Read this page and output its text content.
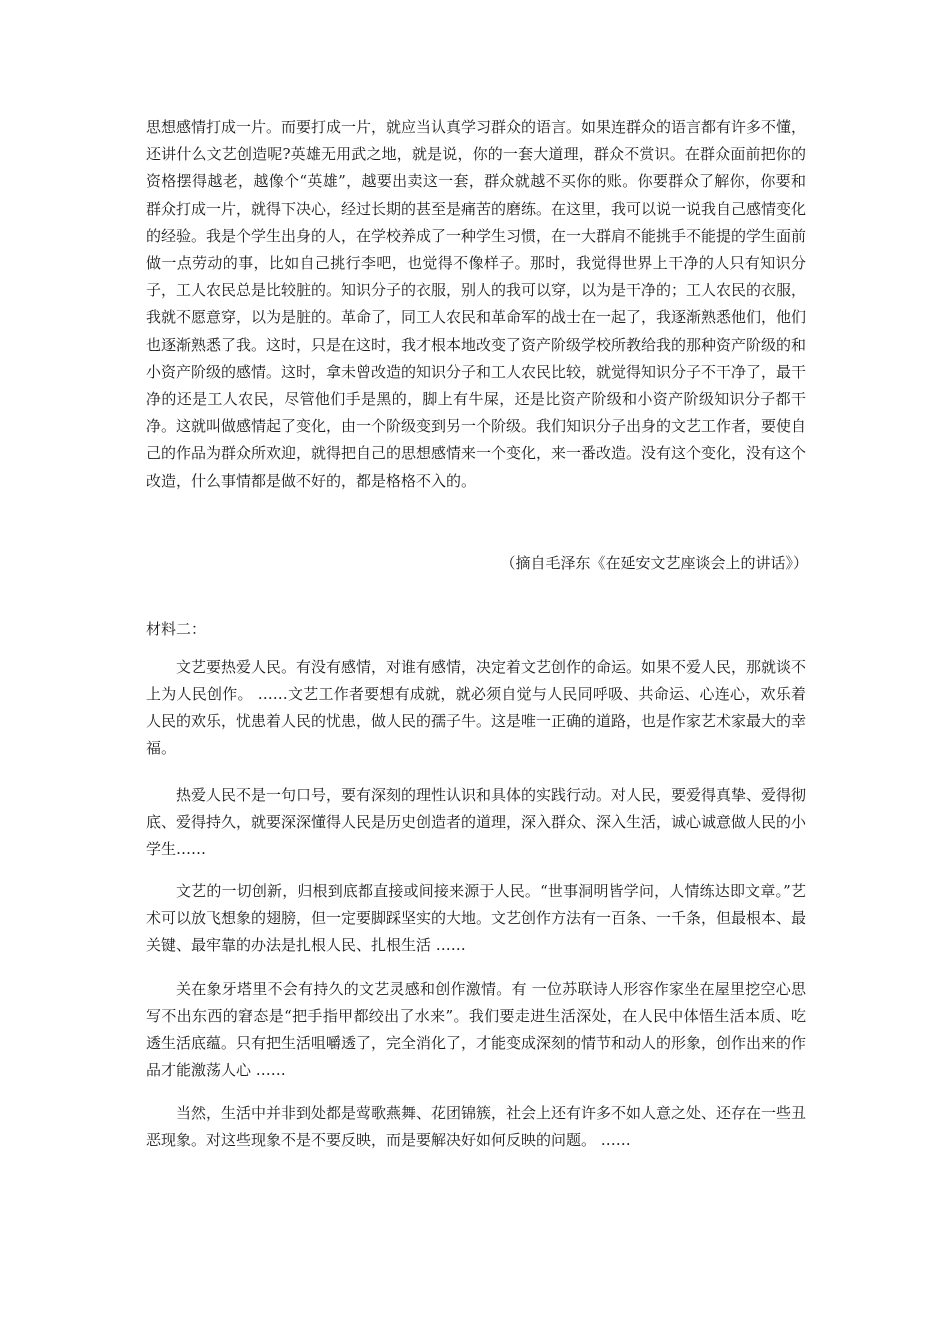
思想感情打成一片。而要打成一片，就应当认真学习群众的语言。如果连群众的语言都有许多不懂，还讲什么文艺创造呢?英雄无用武之地，就是说，你的一套大道理，群众不赏识。在群众面前把你的资格摆得越老，越像个“英雄”，越要出卖这一套，群众就越不买你的账。你要群众了解你，你要和群众打成一片，就得下决心，经过长期的甚至是痛苦的磨练。在这里，我可以说一说我自己感情变化的经验。我是个学生出身的人，在学校养成了一种学生习惯，在一大群肩不能挑手不能提的学生面前做一点劳动的事，比如自己挑行李吧，也觉得不像样子。那时，我觉得世界上干净的人只有知识分子，工人农民总是比较脏的。知识分子的衣服，别人的我可以穿，以为是干净的；工人农民的衣服，我就不愿意穿，以为是脏的。革命了，同工人农民和革命军的战士在一起了，我逐渐熟悉他们，他们也逐渐熟悉了我。这时，只是在这时，我才根本地改变了资产阶级学校所教给我的那种资产阶级的和小资产阶级的感情。这时，拿未曾改造的知识分子和工人农民比较，就觉得知识分子不干净了，最干净的还是工人农民，尽管他们手是黑的，脚上有牛屎，还是比资产阶级和小资产阶级知识分子都干净。这就叫做感情起了变化，由一个阶级变到另一个阶级。我们知识分子出身的文艺工作者，要使自己的作品为群众所欢迎，就得把自己的思想感情来一个变化，来一番改造。没有这个变化，没有这个改造，什么事情都是做不好的，都是格格不入的。

（摘自毛泽东《在延安文艺座谈会上的讲话》）

材料二：

文艺要热爱人民。有没有感情，对谁有感情，决定着文艺创作的命运。如果不爱人民，那就谈不上为人民创作。 ……文艺工作者要想有成就，就必须自觉与人民同呼吸、共命运、心连心，欢乐着人民的欢乐，忧患着人民的忧患，做人民的孺子牛。这是唯一正确的道路，也是作家艺术家最大的幸福。

热爱人民不是一句口号，要有深刻的理性认识和具体的实践行动。对人民，要爱得真挚、爱得彻底、爱得持久，就要深深懂得人民是历史创造者的道理，深入群众、深入生活，诚心诚意做人民的小学生……

文艺的一切创新，归根到底都直接或间接来源于人民。“世事洞明皆学问，人情练达即文章。”艺术可以放飞想象的翅膀，但一定要脚踩坚实的大地。文艺创作方法有一百条、一千条，但最根本、最关键、最牢靠的办法是扎根人民、扎根生活 ……

关在象牙塔里不会有持久的文艺灵感和创作激情。有 一位苏联诗人形容作家坐在屋里挖空心思写不出东西的窘态是“把手指甲都绞出了水来”。我们要走进生活深处，在人民中体悟生活本质、吃透生活底蕴。只有把生活咀嚼透了，完全消化了，才能变成深刻的情节和动人的形象，创作出来的作品才能激荡人心 ……

当然，生活中并非到处都是莺歌燕舞、花团锦簇，社会上还有许多不如人意之处、还存在一些丑恶现象。对这些现象不是不要反映，而是要解决好如何反映的问题。 ……
